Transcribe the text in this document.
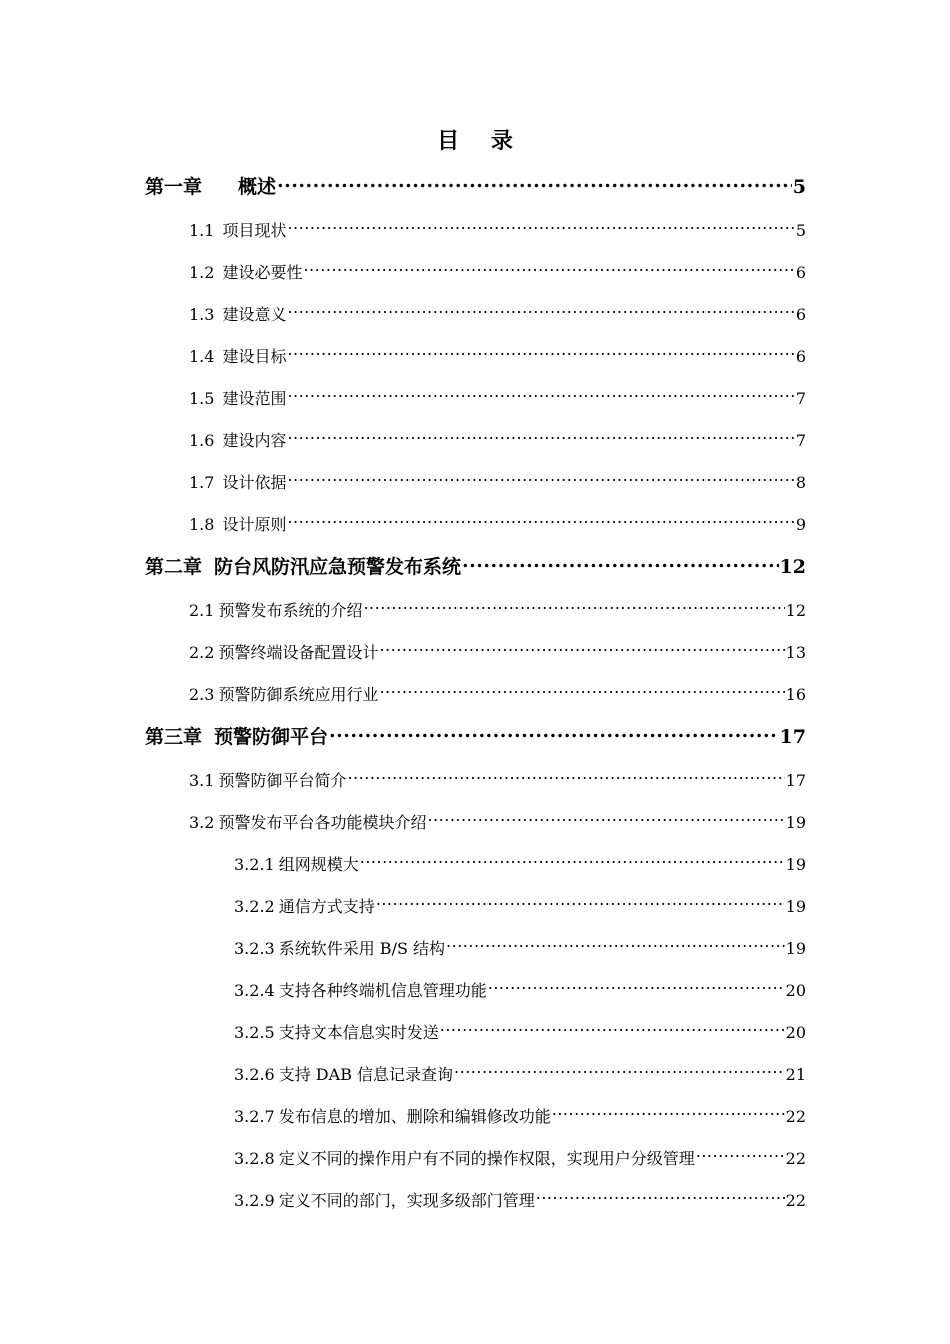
目 录
第一章 概述 .....	5
1.1 项目现状 .....	5
1.2 建设必要性 .....	6
1.3 建设意义 .....	6
1.4 建设目标 .....	6
1.5 建设范围 .....	7
1.6 建设内容 .....	7
1.7 设计依据 .....	8
1.8 设计原则 .....	9
第二章 防台风防汛应急预警发布系统 .....	12
2.1 预警发布系统的介绍 .....	12
2.2 预警终端设备配置设计 .....	13
2.3 预警防御系统应用行业 .....	16
第三章 预警防御平台 .....	17
3.1 预警防御平台简介 .....	17
3.2 预警发布平台各功能模块介绍 .....	19
3.2.1 组网规模大 .....	19
3.2.2 通信方式支持 .....	19
3.2.3 系统软件采用 B/S 结构 .....	19
3.2.4 支持各种终端机信息管理功能 .....	20
3.2.5 支持文本信息实时发送 .....	20
3.2.6 支持 DAB 信息记录查询 .....	21
3.2.7 发布信息的增加、删除和编辑修改功能 .....	22
3.2.8 定义不同的操作用户有不同的操作权限，实现用户分级管理 .....	22
3.2.9 定义不同的部门，实现多级部门管理 .....	22
